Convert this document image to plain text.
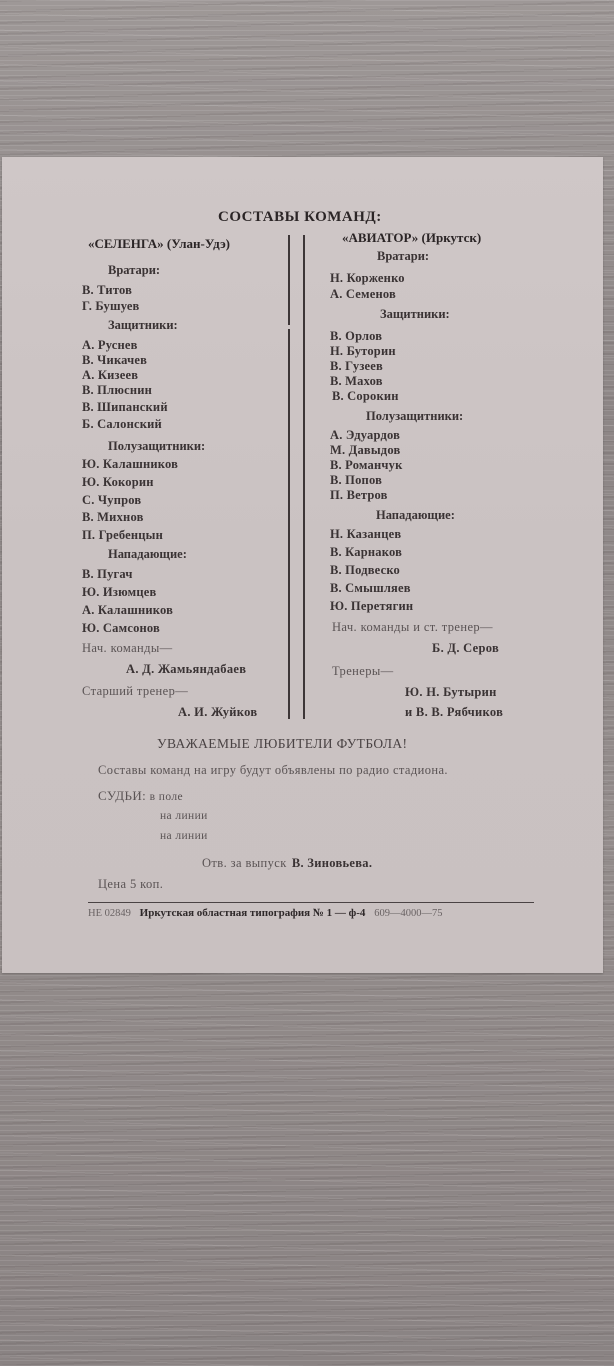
СОСТАВЫ КОМАНД:
«СЕЛЕНГА» (Улан-Удэ)	«АВИАТОР» (Иркутск)
Вратари:
В. Титов
Г. Бушуев
Защитники:
А. Руснев
В. Чикачев
А. Кизеев
В. Плюснин
В. Шипанский
Б. Салонский
Полузащитники:
Ю. Калашников
Ю. Кокорин
С. Чупров
В. Михнов
П. Гребенцын
Нападающие:
В. Пугач
Ю. Изюмцев
А. Калашников
Ю. Самсонов
Нач. команды—
А. Д. Жамьяндабаев
Старший тренер—
А. И. Жуйков
Вратари:
Н. Корженко
А. Семенов
Защитники:
В. Орлов
Н. Буторин
В. Гузеев
В. Махов
В. Сорокин
Полузащитники:
А. Эдуардов
М. Давыдов
В. Романчук
В. Попов
П. Ветров
Нападающие:
Н. Казанцев
В. Карнаков
В. Подвеско
В. Смышляев
Ю. Перетягин
Нач. команды и ст. тренер—
Б. Д. Серов
Тренеры—
Ю. Н. Бутырин
и В. В. Рябчиков
УВАЖАЕМЫЕ ЛЮБИТЕЛИ ФУТБОЛА!
Составы команд на игру будут объявлены по радио стадиона.
СУДЬИ: в поле
на линии
на линии
Отв. за выпуск В. Зиновьева.
Цена 5 коп.
НЕ 02849 Иркутская областная типография № 1 — ф-4 609—4000—75
